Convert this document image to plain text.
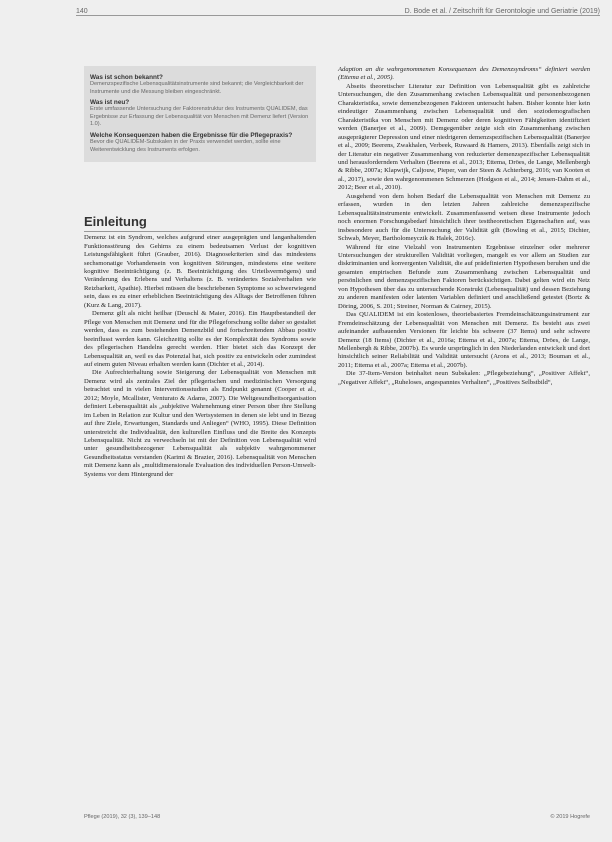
140	D. Bode et al. / Zeitschrift für Gerontologie und Geriatrie (2019)
Was ist schon bekannt?

Demenzspezifische Lebensqualitätsinstrumente sind bekannt; die Vergleichbarkeit der Instrumente und die Messung bleiben eingeschränkt.

Was ist neu?

Erste umfassende Untersuchung der Faktorenstruktur des Instruments QUALIDEM, das Ergebnisse zur Erfassung der Lebensqualität von Menschen mit Demenz liefert (Version 1.0).

Welche Konsequenzen haben die Ergebnisse für die Pflegepraxis?

Bevor die QUALIDEM-Subskalen in der Praxis verwendet werden, sollte eine Weiterentwicklung des Instruments erfolgen.

Einleitung

Demenz ist ein Syndrom, welches aufgrund einer ausgeprägten und langanhaltenden Funktionsstörung des Gehirns zu einem bedeutsamen Verlust der kognitiven Leistungsfähigkeit führt (Grauber, 2016). Diagnosekriterien sind das mindestens sechsmonatige Vorhandensein von kognitiven Störungen, mindestens eine weitere kognitive Beeinträchtigung (z. B. Beeinträchtigung des Urteilsvermögens) und Veränderung des Erlebens und Verhaltens (z. B. verändertes Sozialverhalten wie Reizbarkeit, Apathie). Hierbei müssen die beschriebenen Symptome so schwerwiegend sein, dass es zu einer erheblichen Beeinträchtigung des Alltags der Betroffenen führen (Kurz & Lang, 2017).

Demenz gilt als nicht heilbar (Deuschl & Maier, 2016). Ein Hauptbestandteil der Pflege von Menschen mit Demenz und für die Pflegeforschung sollte daher so gestaltet werden, dass es zum bestehenden Demenzbild und fortschreitendem Abbau positiv beeinflusst werden kann. Gleichzeitig sollte es der Komplexität des Syndroms sowie des pflegerischen Handelns gerecht werden. Hier bietet sich das Konzept der Lebensqualität an, weil es das Potenzial hat, sich positiv zu entwickeln oder zumindest auf einem guten Niveau erhalten werden kann (Dichter et al., 2014).

Die Aufrechterhaltung sowie Steigerung der Lebensqualität von Menschen mit Demenz wird als zentrales Ziel der pflegerischen und medizinischen Versorgung betrachtet und in vielen Interventionsstudien als Endpunkt genannt (Cooper et al., 2012; Moyle, Mcallister, Venturato & Adams, 2007). Die Weltgesundheitsorganisation definiert Lebensqualität als „subjektive Wahrnehmung einer Person über ihre Stellung im Leben in Relation zur Kultur und den Wertsystemen in denen sie lebt und in Bezug auf ihre Ziele, Erwartungen, Standards und Anliegen“ (WHO, 1995). Diese Definition unterstreicht die Individualität, den kulturellen Einfluss und die Breite des Konzepts Lebensqualität. Nicht zu verwechseln ist mit der Definition von Lebensqualität wird unter gesundheitsbezogener Lebensqualität als subjektiv wahrgenommener Gesundheitsstatus verstanden (Karimi & Brazier, 2016). Lebensqualität von Menschen mit Demenz kann als „multidimensionale Evaluation des individuellen Person-Umwelt-Systems vor dem Hintergrund der

Adaption an die wahrgenommenen Konsequenzen des Demenzsyndroms“ definiert werden (Ettema et al., 2005).

Abseits theoretischer Literatur zur Definition von Lebensqualität gibt es zahlreiche Untersuchungen, die den Zusammenhang zwischen Lebensqualität und personenbezogenen Charakteristika, sowie demenzbezogenen Faktoren untersucht haben. Bisher konnte hier kein eindeutiger Zusammenhang zwischen Lebensqualität und den soziodemografischen Charakteristika von Menschen mit Demenz oder deren kognitiven Fähigkeiten identifiziert werden (Banerjee et al., 2009). Demgegenüber zeigte sich ein Zusammenhang zwischen ausgeprägterer Depression und einer niedrigeren demenzspezifischen Lebensqualität (Banerjee et al., 2009; Beerens, Zwakhalen, Verbeek, Ruwaard & Hamers, 2013). Ebenfalls zeigt sich in der Literatur ein negativer Zusammenhang von reduzierter demenzspezifischer Lebensqualität und herausforderndem Verhalten (Beerens et al., 2013; Ettema, Dröes, de Lange, Mellenbergh & Ribbe, 2007a; Klapwijk, Caljouw, Pieper, van der Steen & Achterberg, 2016; van Kooten et al., 2017), sowie den wahrgenommenen Schmerzen (Hodgson et al., 2014; Jensen-Dahm et al., 2012; Beer et al., 2010).

Ausgehend von dem hohen Bedarf die Lebensqualität von Menschen mit Demenz zu erfassen, wurden in den letzten Jahren zahlreiche demenzspezifische Lebensqualitätsinstrumente entwickelt. Zusammenfassend weisen diese Instrumente jedoch noch enormen Forschungsbedarf hinsichtlich ihrer testtheoretischen Eigenschaften auf, was insbesondere auch für die Untersuchung der Validität gilt (Bowling et al., 2015; Dichter, Schwab, Meyer, Bartholomeyczik & Halek, 2016c).

Während für eine Vielzahl von Instrumenten Ergebnisse einzelner oder mehrerer Untersuchungen der strukturellen Validität vorliegen, mangelt es vor allem an Studien zur diskriminanten und konvergenten Validität, die auf prädefinierten Hypothesen beruhen und die gesamten empirischen Befunde zum Zusammenhang zwischen Lebensqualität und persönlichen und demenzspezifischen Faktoren berücksichtigen. Dabei gelten wird ein Netz von Hypothesen über das zu untersuchende Konstrukt (Lebensqualität) und dessen Beziehung zu anderen manifesten oder latenten Variablen definiert und anschließend getestet (Bortz & Döring, 2006, S. 201; Streiner, Norman & Cairney, 2015).

Das QUALIDEM ist ein kostenloses, theoriebasiertes Fremdeinschätzungsinstrument zur Fremdeinschätzung der Lebensqualität von Menschen mit Demenz. Es besteht aus zwei aufeinander aufbauenden Versionen für leichte bis schwere (37 Items) und sehr schwere Demenz (18 Items) (Dichter et al., 2016a; Ettema et al., 2007a; Ettema, Dröes, de Lange, Mellenbergh & Ribbe, 2007b). Es wurde ursprünglich in den Niederlanden entwickelt und dort hinsichtlich seiner Reliabilität und Validität untersucht (Arons et al., 2013; Bouman et al., 2011; Ettema et al., 2007a; Ettema et al., 2007b).

Die 37-Item-Version beinhaltet neun Subskalen: „Pflegebeziehung“, „Positiver Affekt“, „Negativer Affekt“, „Ruheloses, angespanntes Verhalten“, „Positives Selbstbild“,

Pflege (2019), 32 (3), 139–148	© 2019 Hogrefe
